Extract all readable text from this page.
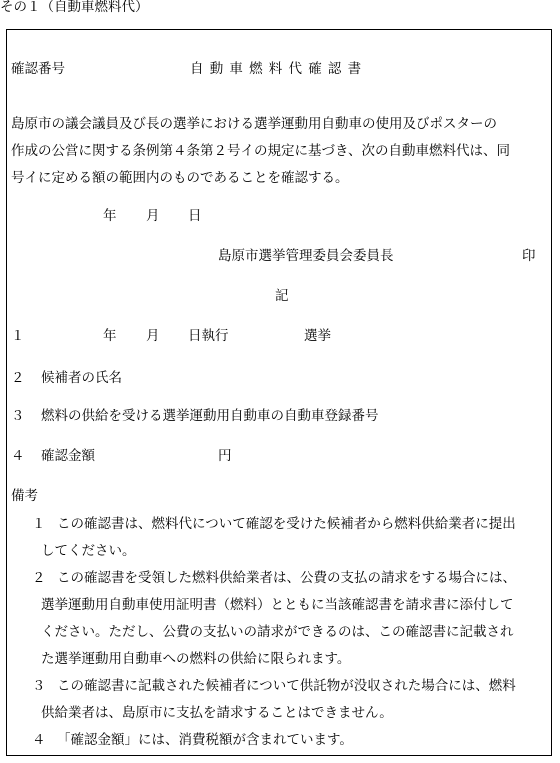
その１（自動車燃料代）
確認番号	自動車燃料代確認書
島原市の議会議員及び長の選挙における選挙運動用自動車の使用及びポスターの
作成の公営に関する条例第４条第２号イの規定に基づき、次の自動車燃料代は、同
号イに定める額の範囲内のものであることを確認する。
年 月 日
島原市選挙管理委員会委員長	印
記
１	年 月 日執行	選挙
２ 候補者の氏名
３ 燃料の供給を受ける選挙運動用自動車の自動車登録番号
４ 確認金額	円
備考
１ この確認書は、燃料代について確認を受けた候補者から燃料供給業者に提出
してください。
２ この確認書を受領した燃料供給業者は、公費の支払の請求をする場合には、
選挙運動用自動車使用証明書（燃料）とともに当該確認書を請求書に添付して
ください。ただし、公費の支払いの請求ができるのは、この確認書に記載され
た選挙運動用自動車への燃料の供給に限られます。
３ この確認書に記載された候補者について供託物が没収された場合には、燃料
供給業者は、島原市に支払を請求することはできません。
４ 「確認金額」には、消費税額が含まれています。
